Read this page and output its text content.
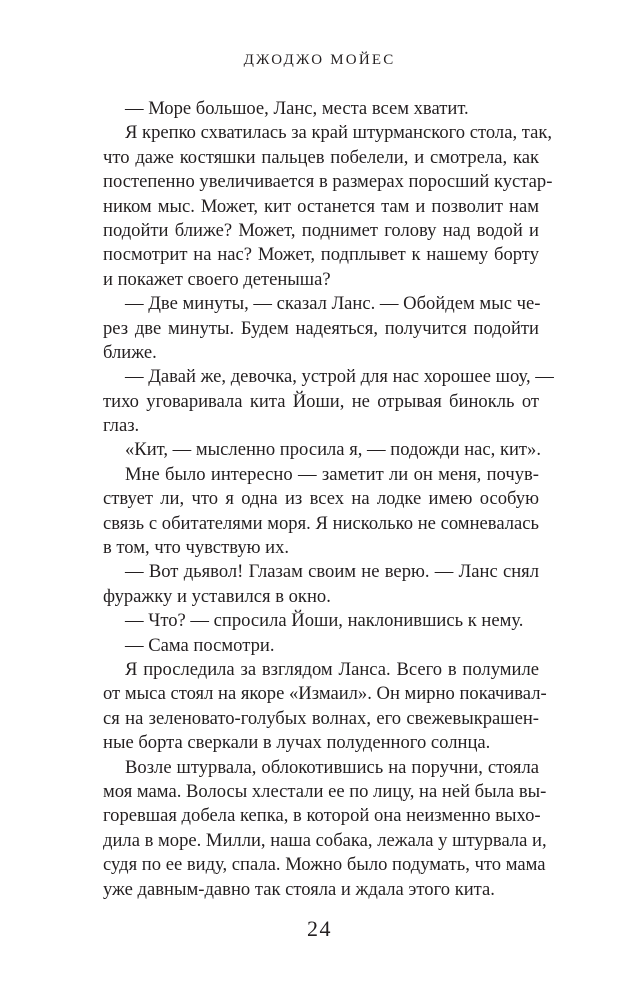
ДЖОДЖО МОЙЕС
— Море большое, Ланс, места всем хватит.
Я крепко схватилась за край штурманского стола, так,
что даже костяшки пальцев побелели, и смотрела, как
постепенно увеличивается в размерах поросший кустар-
ником мыс. Может, кит останется там и позволит нам
подойти ближе? Может, поднимет голову над водой и
посмотрит на нас? Может, подплывет к нашему борту
и покажет своего детеныша?
— Две минуты, — сказал Ланс. — Обойдем мыс че-
рез две минуты. Будем надеяться, получится подойти
ближе.
— Давай же, девочка, устрой для нас хорошее шоу, —
тихо уговаривала кита Йоши, не отрывая бинокль от
глаз.
«Кит, — мысленно просила я, — подожди нас, кит».
Мне было интересно — заметит ли он меня, почув-
ствует ли, что я одна из всех на лодке имею особую
связь с обитателями моря. Я нисколько не сомневалась
в том, что чувствую их.
— Вот дьявол! Глазам своим не верю. — Ланс снял
фуражку и уставился в окно.
— Что? — спросила Йоши, наклонившись к нему.
— Сама посмотри.
Я проследила за взглядом Ланса. Всего в полумиле
от мыса стоял на якоре «Измаил». Он мирно покачивал-
ся на зеленовато-голубых волнах, его свежевыкрашен-
ные борта сверкали в лучах полуденного солнца.
Возле штурвала, облокотившись на поручни, стояла
моя мама. Волосы хлестали ее по лицу, на ней была вы-
горевшая добела кепка, в которой она неизменно выхо-
дила в море. Милли, наша собака, лежала у штурвала и,
судя по ее виду, спала. Можно было подумать, что мама
уже давным-давно так стояла и ждала этого кита.
24
